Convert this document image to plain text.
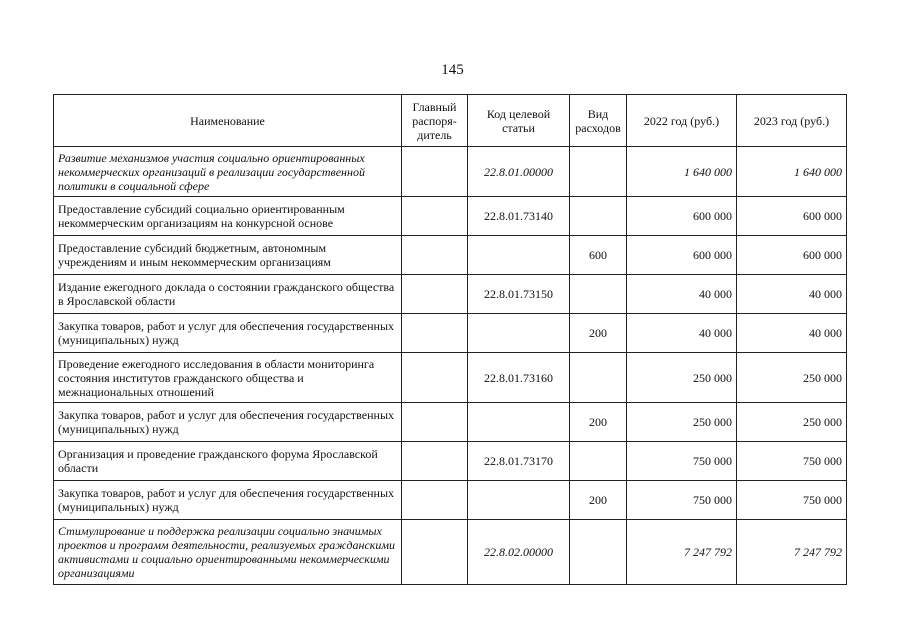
145
Наименование	Главный распоря-дитель	Код целевой статьи	Вид расходов	2022 год (руб.)	2023 год (руб.)
Развитие механизмов участия социально ориентированных некоммерческих организаций в реализации государственной политики в социальной сфере		22.8.01.00000		1 640 000	1 640 000
Предоставление субсидий социально ориентированным некоммерческим организациям на конкурсной основе		22.8.01.73140		600 000	600 000
Предоставление субсидий бюджетным, автономным учреждениям и иным некоммерческим организациям			600	600 000	600 000
Издание ежегодного доклада о состоянии гражданского общества в Ярославской области		22.8.01.73150		40 000	40 000
Закупка товаров, работ и услуг для обеспечения государственных (муниципальных) нужд			200	40 000	40 000
Проведение ежегодного исследования в области мониторинга состояния институтов гражданского общества и межнациональных отношений		22.8.01.73160		250 000	250 000
Закупка товаров, работ и услуг для обеспечения государственных (муниципальных) нужд			200	250 000	250 000
Организация и проведение гражданского форума Ярославской области		22.8.01.73170		750 000	750 000
Закупка товаров, работ и услуг для обеспечения государственных (муниципальных) нужд			200	750 000	750 000
Стимулирование и поддержка реализации социально значимых проектов и программ деятельности, реализуемых гражданскими активистами и социально ориентированными некоммерческими организациями		22.8.02.00000		7 247 792	7 247 792
